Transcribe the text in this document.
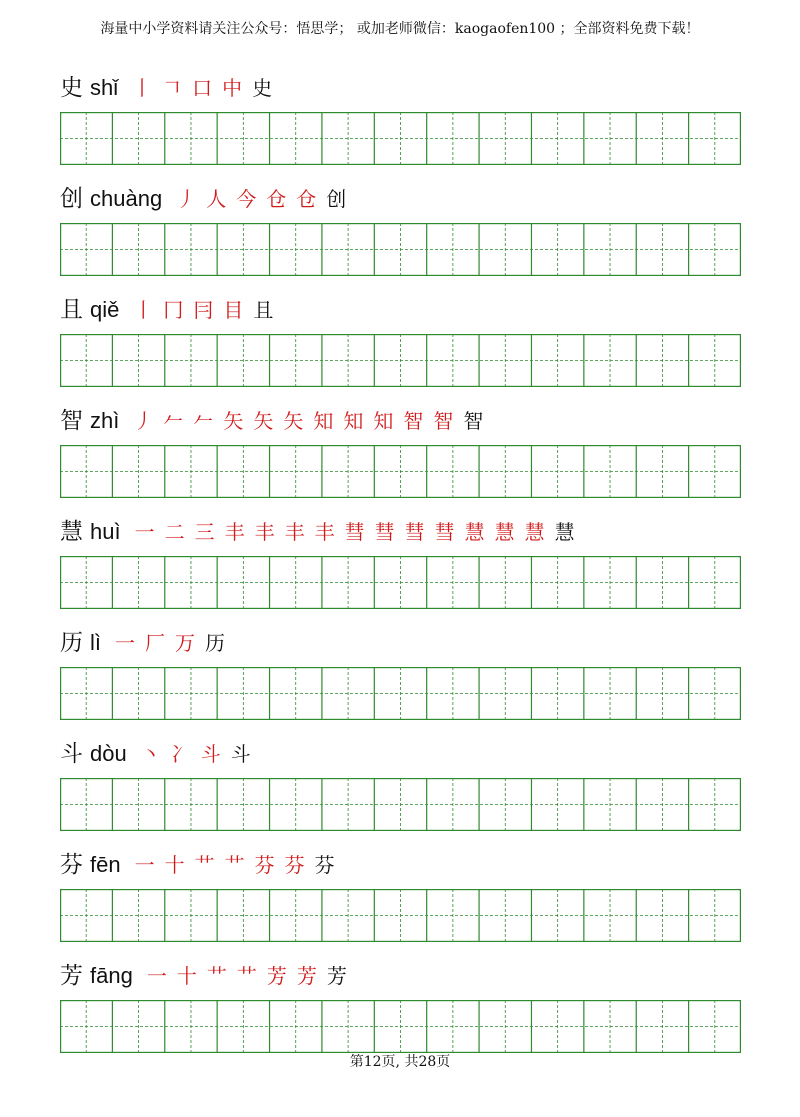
海量中小学资料请关注公众号：悟思学； 或加老师微信：kaogaofen100 ；全部资料免费下载！
史 shǐ 丨 𠃍 口 中 史
创 chuàng 丿 人 今 仓 仓 创
且 qiě 丨 冂 冃 目 且
智 zhì 丿 𠂉 𠂉 矢 矢 矢 知 知 知 智 智 智
慧 huì 一 二 三 丰 丰 丰 丰 彗 彗 彗 彗 慧 慧 慧 慧
历 lì 一 厂 万 历
斗 dòu 丶 冫 斗 斗
芬 fēn 一 十 艹 艹 芬 芬 芬
芳 fāng 一 十 艹 艹 芳 芳 芳
第12页, 共28页
